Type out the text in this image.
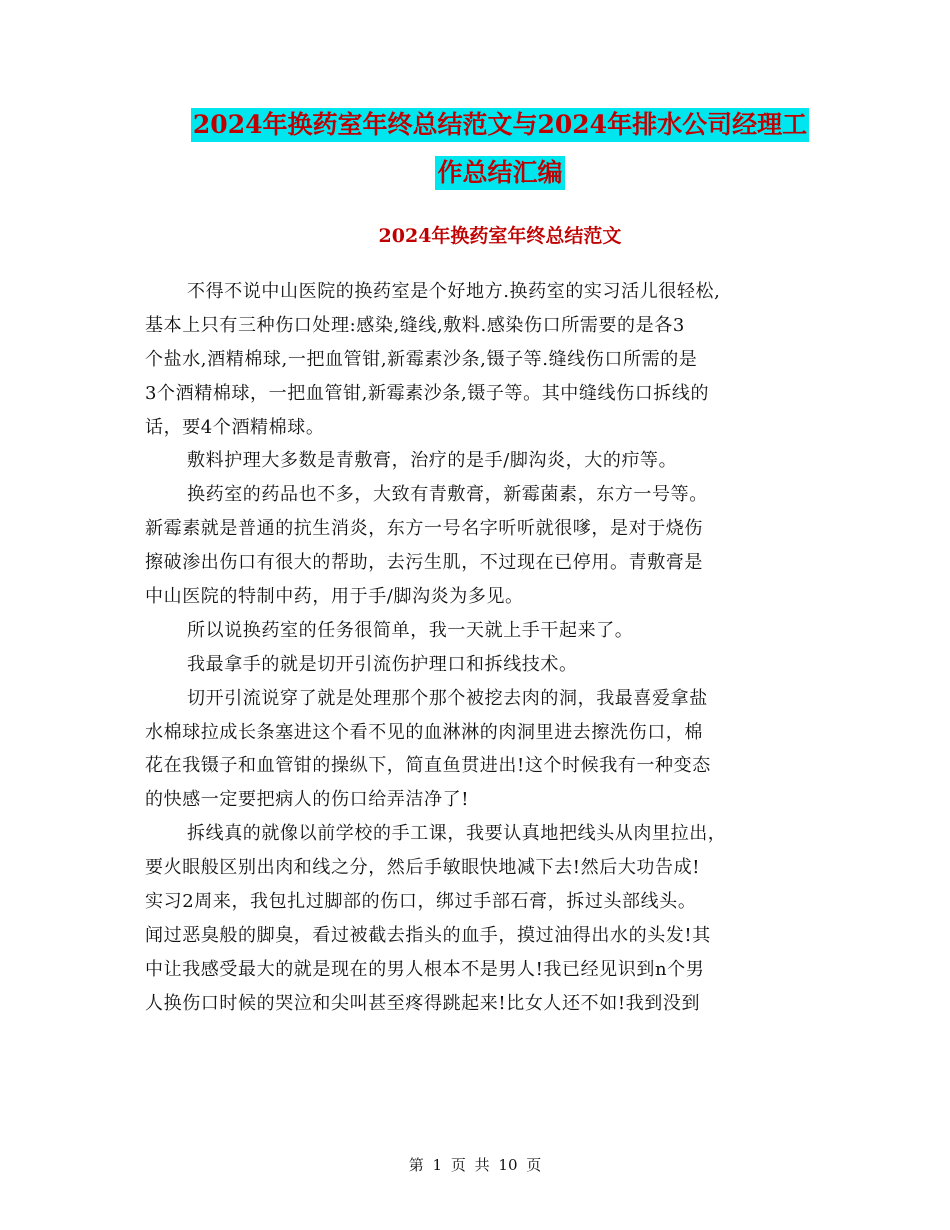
2024年换药室年终总结范文与2024年排水公司经理工
作总结汇编
2024年换药室年终总结范文
不得不说中山医院的换药室是个好地方.换药室的实习活儿很轻松,
基本上只有三种伤口处理:感染,缝线,敷料.感染伤口所需要的是各3
个盐水,酒精棉球,一把血管钳,新霉素沙条,镊子等.缝线伤口所需的是
3个酒精棉球，一把血管钳,新霉素沙条,镊子等。其中缝线伤口拆线的
话，要4个酒精棉球。
敷料护理大多数是青敷膏，治疗的是手/脚沟炎，大的疖等。
换药室的药品也不多，大致有青敷膏，新霉菌素，东方一号等。
新霉素就是普通的抗生消炎，东方一号名字听听就很嗲，是对于烧伤
擦破渗出伤口有很大的帮助，去污生肌，不过现在已停用。青敷膏是
中山医院的特制中药，用于手/脚沟炎为多见。
所以说换药室的任务很简单，我一天就上手干起来了。
我最拿手的就是切开引流伤护理口和拆线技术。
切开引流说穿了就是处理那个那个被挖去肉的洞，我最喜爱拿盐
水棉球拉成长条塞进这个看不见的血淋淋的肉洞里进去擦洗伤口，棉
花在我镊子和血管钳的操纵下，简直鱼贯进出!这个时候我有一种变态
的快感一定要把病人的伤口给弄洁净了!
拆线真的就像以前学校的手工课，我要认真地把线头从肉里拉出，
要火眼般区别出肉和线之分，然后手敏眼快地减下去!然后大功告成!
实习2周来，我包扎过脚部的伤口，绑过手部石膏，拆过头部线头。
闻过恶臭般的脚臭，看过被截去指头的血手，摸过油得出水的头发!其
中让我感受最大的就是现在的男人根本不是男人!我已经见识到n个男
人换伤口时候的哭泣和尖叫甚至疼得跳起来!比女人还不如!我到没到
第 1 页 共 10 页
